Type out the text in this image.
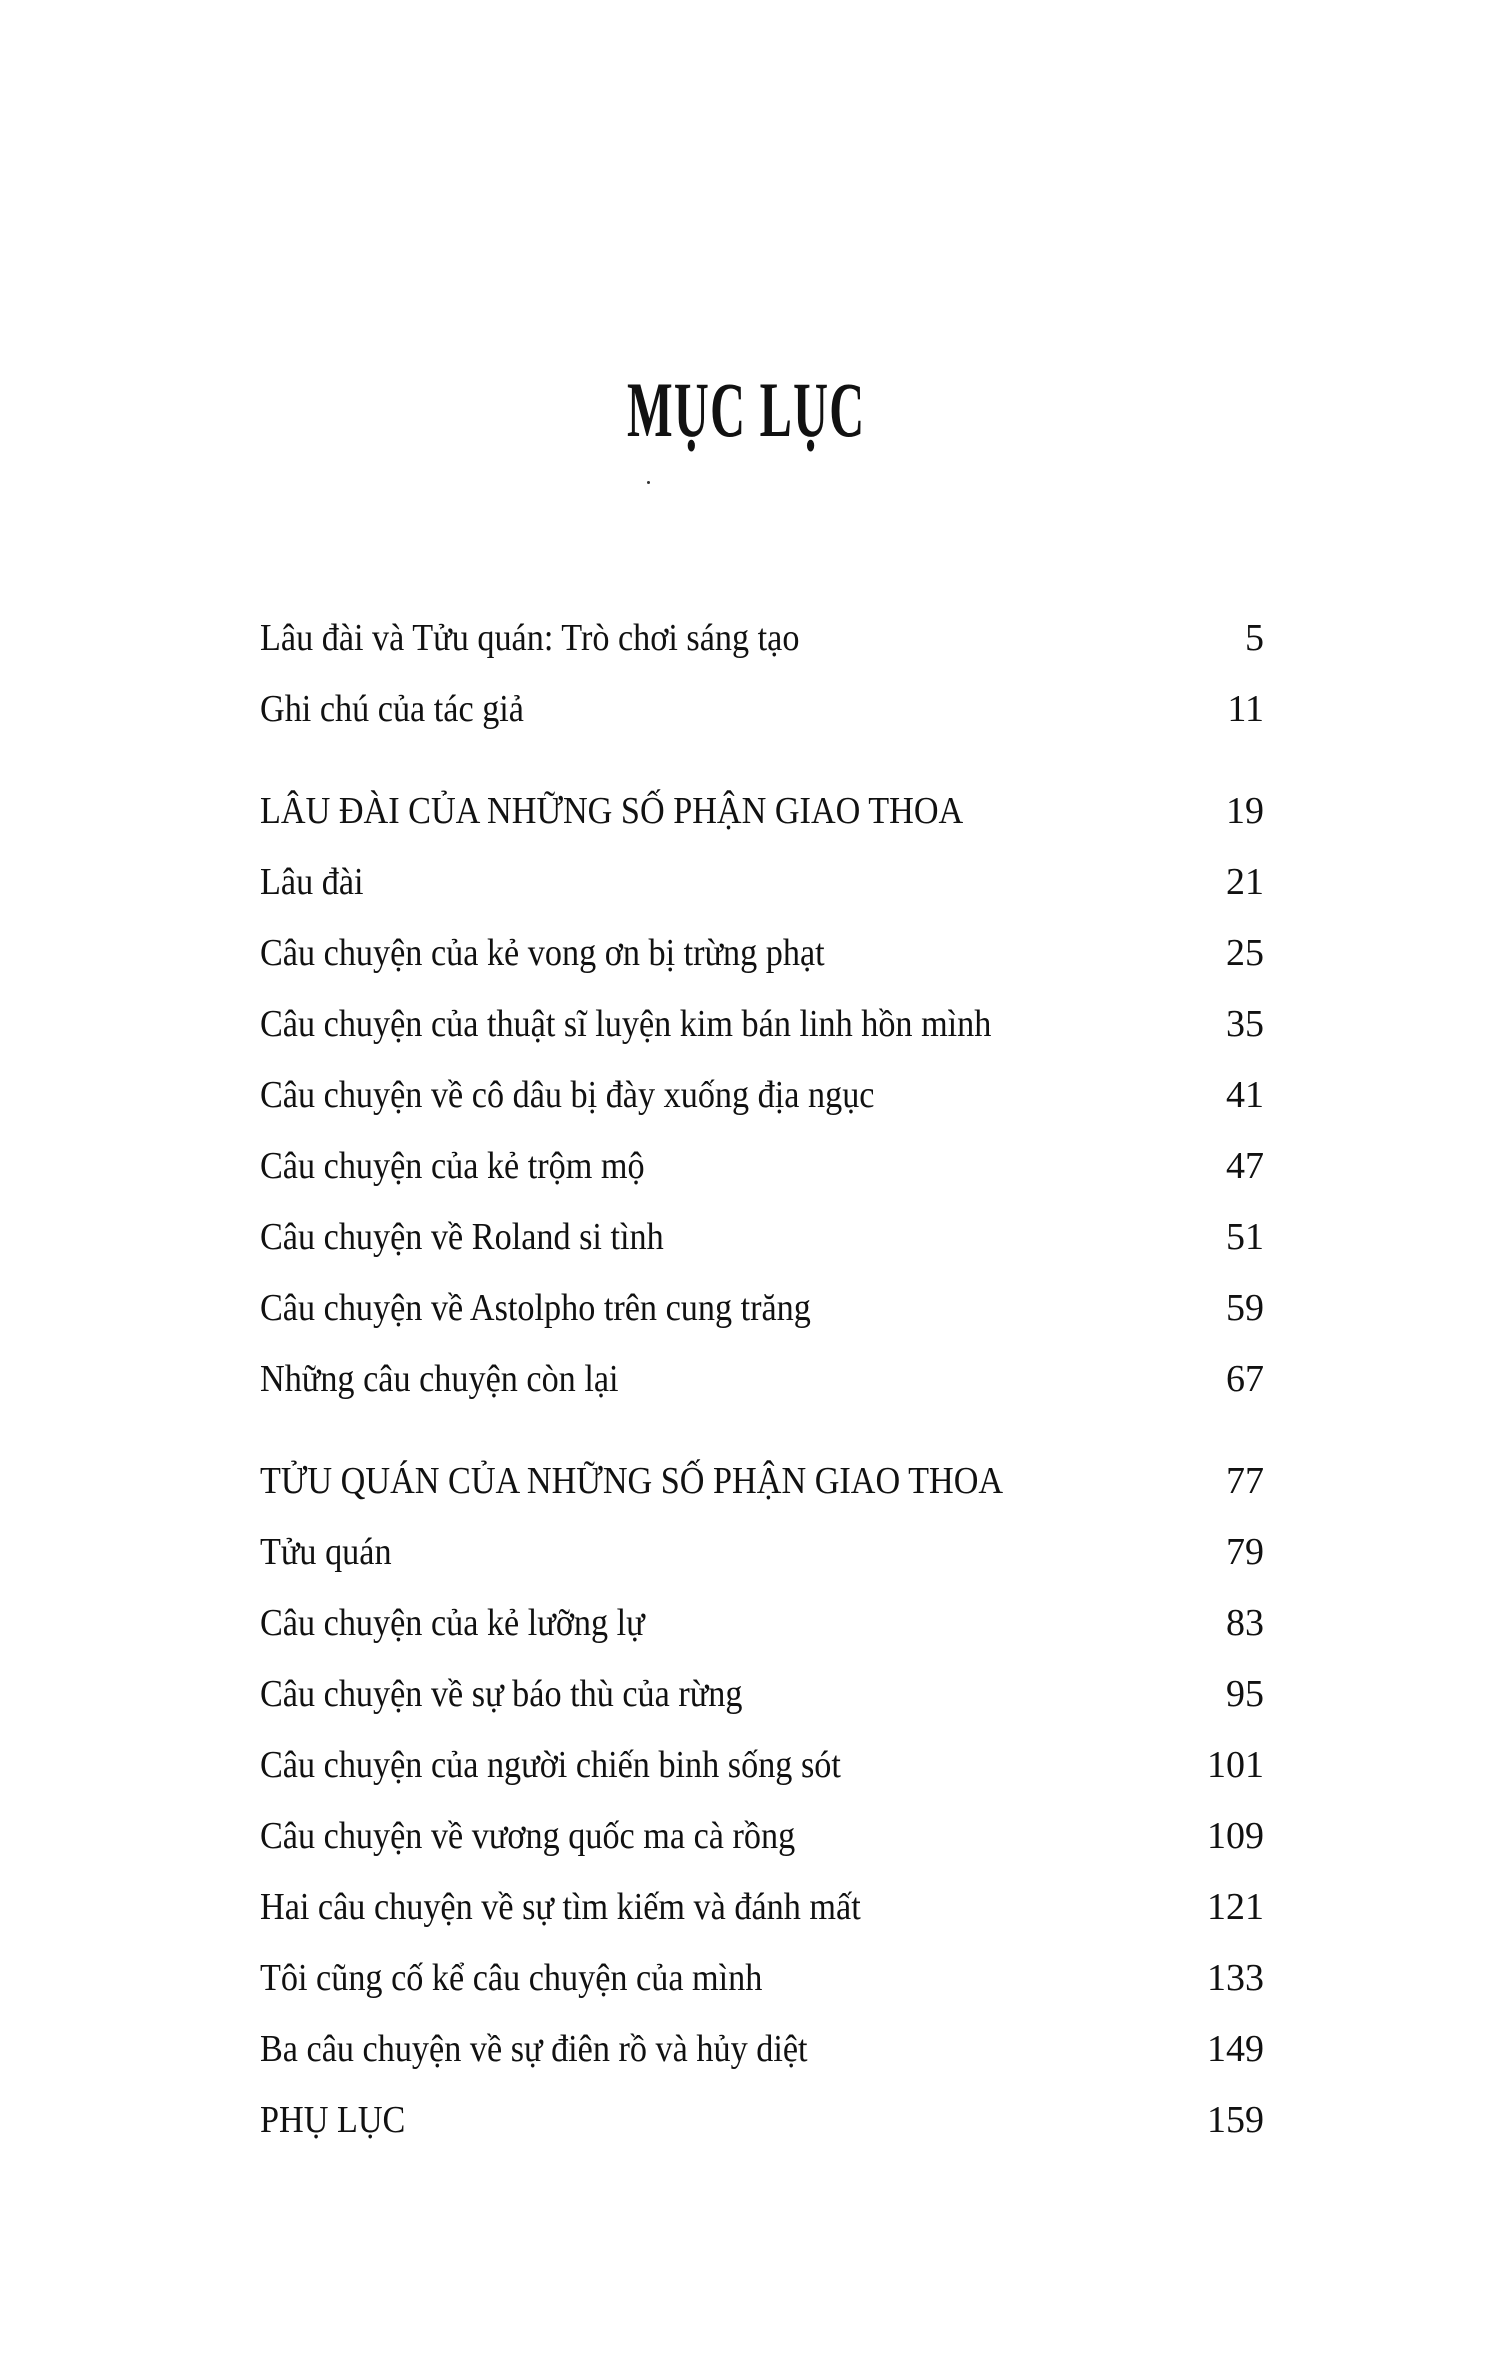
MỤC LỤC
Lâu đài và Tửu quán: Trò chơi sáng tạo	5
Ghi chú của tác giả	11
LÂU ĐÀI CỦA NHỮNG SỐ PHẬN GIAO THOA	19
Lâu đài	21
Câu chuyện của kẻ vong ơn bị trừng phạt	25
Câu chuyện của thuật sĩ luyện kim bán linh hồn mình	35
Câu chuyện về cô dâu bị đày xuống địa ngục	41
Câu chuyện của kẻ trộm mộ	47
Câu chuyện về Roland si tình	51
Câu chuyện về Astolpho trên cung trăng	59
Những câu chuyện còn lại	67
TỬU QUÁN CỦA NHỮNG SỐ PHẬN GIAO THOA	77
Tửu quán	79
Câu chuyện của kẻ lưỡng lự	83
Câu chuyện về sự báo thù của rừng	95
Câu chuyện của người chiến binh sống sót	101
Câu chuyện về vương quốc ma cà rồng	109
Hai câu chuyện về sự tìm kiếm và đánh mất	121
Tôi cũng cố kể câu chuyện của mình	133
Ba câu chuyện về sự điên rồ và hủy diệt	149
PHỤ LỤC	159
